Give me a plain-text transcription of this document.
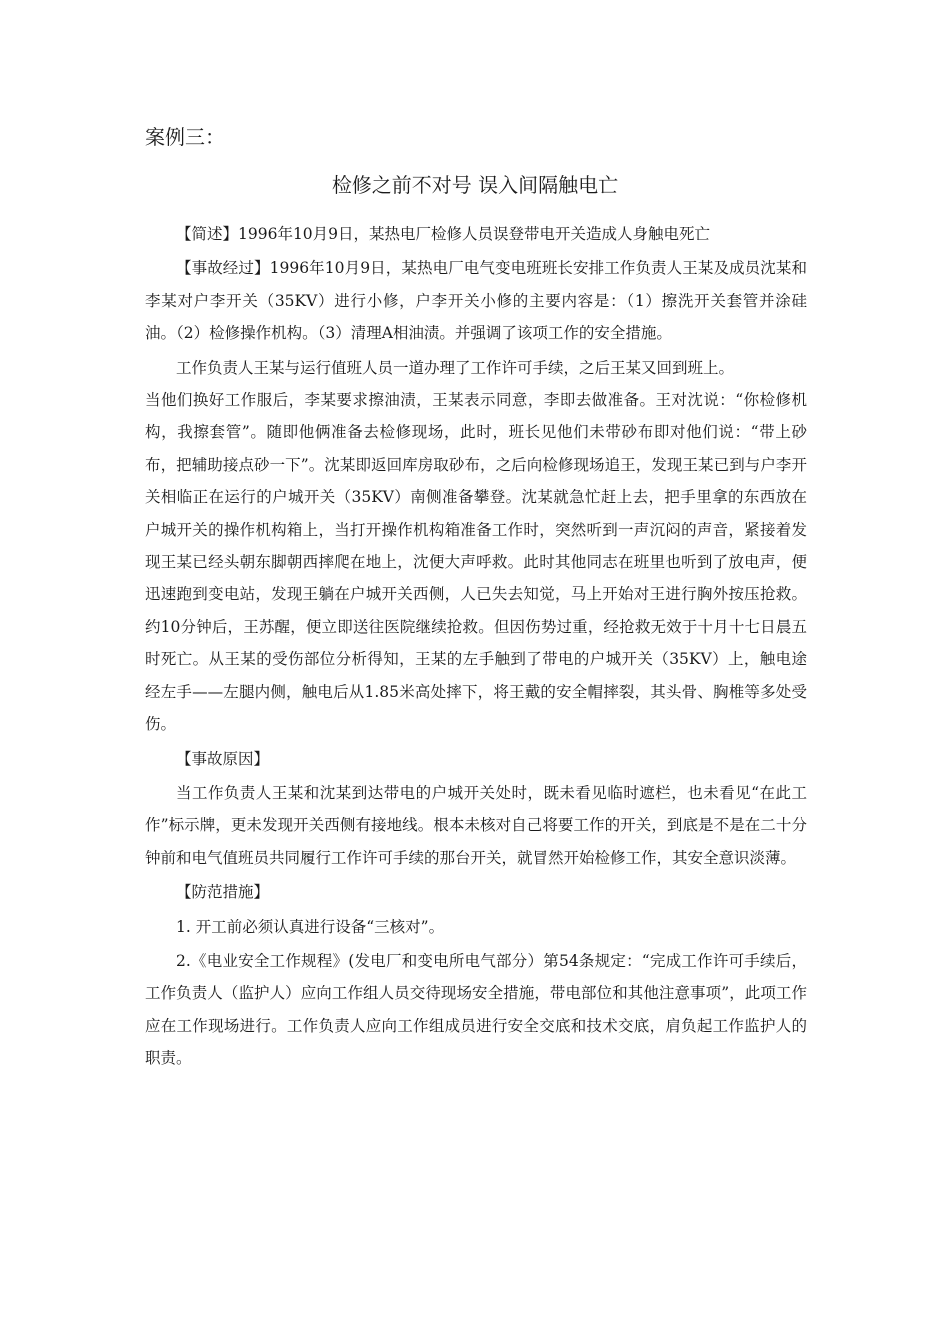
案例三：
检修之前不对号 误入间隔触电亡

【简述】1996年10月9日，某热电厂检修人员误登带电开关造成人身触电死亡

【事故经过】1996年10月9日，某热电厂电气变电班班长安排工作负责人王某及成员沈某和李某对户李开关（35KV）进行小修，户李开关小修的主要内容是：（1）擦洗开关套管并涂硅油。（2）检修操作机构。（3）清理A相油渍。并强调了该项工作的安全措施。

工作负责人王某与运行值班人员一道办理了工作许可手续，之后王某又回到班上。

当他们换好工作服后，李某要求擦油渍，王某表示同意，李即去做准备。王对沈说：“你检修机构，我擦套管”。随即他俩准备去检修现场，此时，班长见他们未带砂布即对他们说：“带上砂布，把辅助接点砂一下”。沈某即返回库房取砂布，之后向检修现场追王，发现王某已到与户李开关相临正在运行的户城开关（35KV）南侧准备攀登。沈某就急忙赶上去，把手里拿的东西放在户城开关的操作机构箱上，当打开操作机构箱准备工作时，突然听到一声沉闷的声音，紧接着发现王某已经头朝东脚朝西摔爬在地上，沈便大声呼救。此时其他同志在班里也听到了放电声，便迅速跑到变电站，发现王躺在户城开关西侧，人已失去知觉，马上开始对王进行胸外按压抢救。约10分钟后，王苏醒，便立即送往医院继续抢救。但因伤势过重，经抢救无效于十月十七日晨五时死亡。从王某的受伤部位分析得知，王某的左手触到了带电的户城开关（35KV）上，触电途经左手——左腿内侧，触电后从1.85米高处摔下，将王戴的安全帽摔裂，其头骨、胸椎等多处受伤。

【事故原因】

当工作负责人王某和沈某到达带电的户城开关处时，既未看见临时遮栏，也未看见“在此工作”标示牌，更未发现开关西侧有接地线。根本未核对自己将要工作的开关，到底是不是在二十分钟前和电气值班员共同履行工作许可手续的那台开关，就冒然开始检修工作，其安全意识淡薄。

【防范措施】

1. 开工前必须认真进行设备“三核对”。

2.《电业安全工作规程》(发电厂和变电所电气部分）第54条规定：“完成工作许可手续后，工作负责人（监护人）应向工作组人员交待现场安全措施，带电部位和其他注意事项”，此项工作应在工作现场进行。工作负责人应向工作组成员进行安全交底和技术交底，肩负起工作监护人的职责。
